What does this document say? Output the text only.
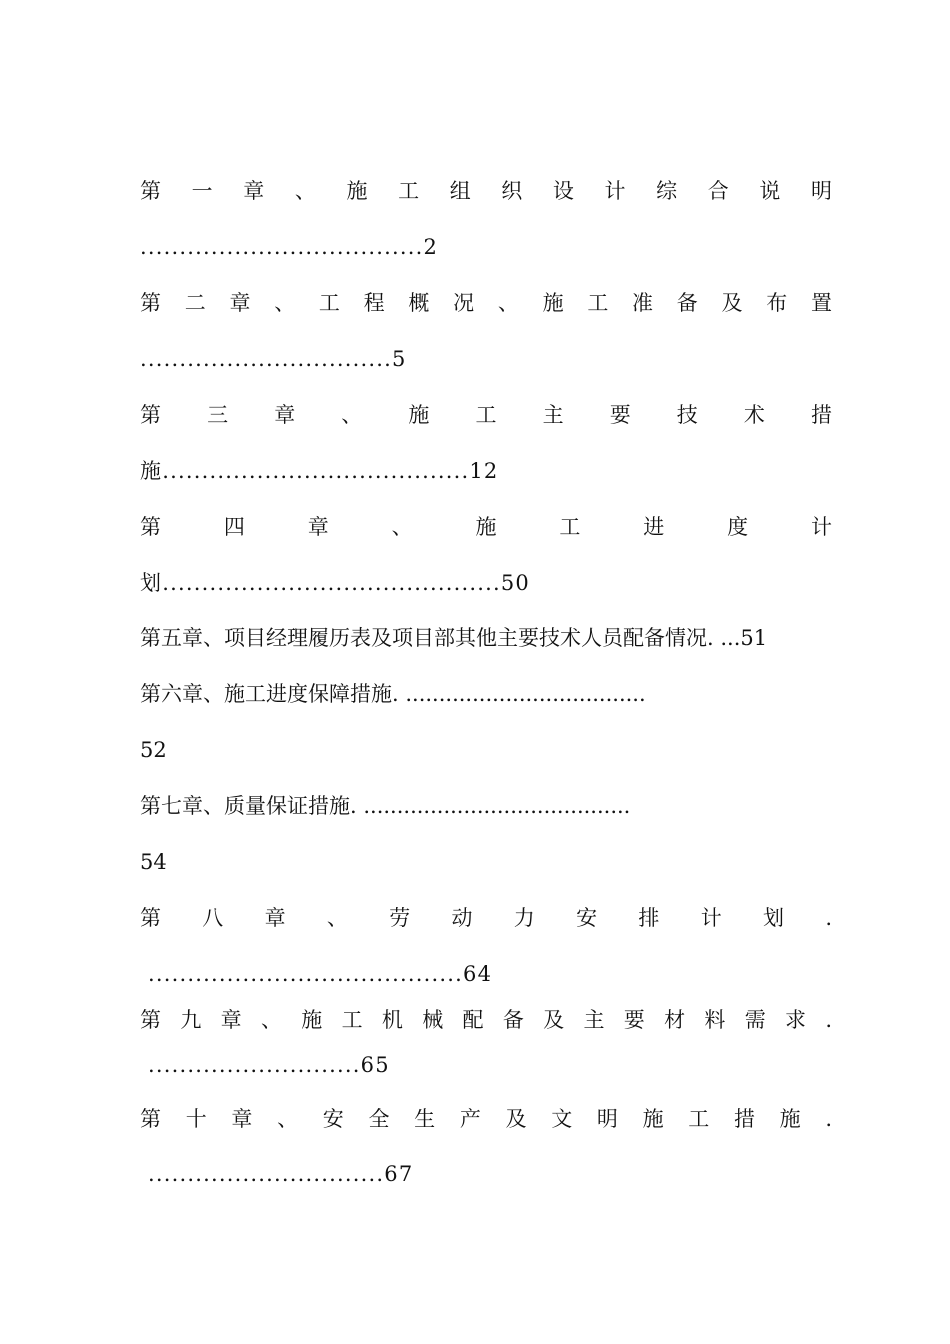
第 一 章 、 施 工 组 织 设 计 综 合 说 明
....................................2
第 二 章 、 工 程 概 况 、 施 工 准 备 及 布 置
................................5
第 三 章 、 施 工 主 要 技 术 措
施.......................................12
第 四 章 、 施 工 进 度 计
划...........................................50
第五章、项目经理履历表及项目部其他主要技术人员配备情况. ...51
第六章、施工进度保障措施. ....................................
52
第七章、质量保证措施. ........................................
54
第 八 章 、 劳 动 力 安 排 计 划 .
........................................64
第 九 章 、 施 工 机 械 配 备 及 主 要 材 料 需 求 .
...........................65
第 十 章 、 安 全 生 产 及 文 明 施 工 措 施 .
..............................67
